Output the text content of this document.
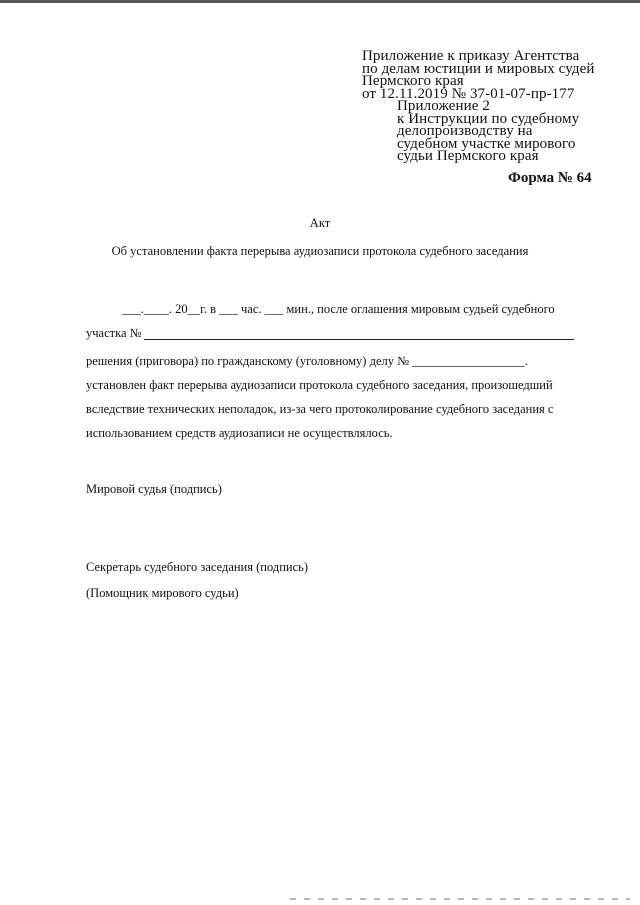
Приложение к приказу Агентства
по делам юстиции и мировых судей
Пермского края
от 12.11.2019 № 37-01-07-пр-177
Приложение 2
к Инструкции по судебному
делопроизводству на
судебном участке мирового
судьи Пермского края
Форма № 64
Акт
Об установлении факта перерыва аудиозаписи протокола судебного заседания
___.____. 20__г. в ___ час. ___ мин., после оглашения мировым судьей судебного
участка №
решения (приговора) по гражданскому (уголовному) делу № __________________.
установлен факт перерыва аудиозаписи протокола судебного заседания, произошедший
вследствие технических неполадок, из-за чего протоколирование судебного заседания с
использованием средств аудиозаписи не осуществлялось.
Мировой судья (подпись)
Секретарь судебного заседания (подпись)
(Помощник мирового судьи)
